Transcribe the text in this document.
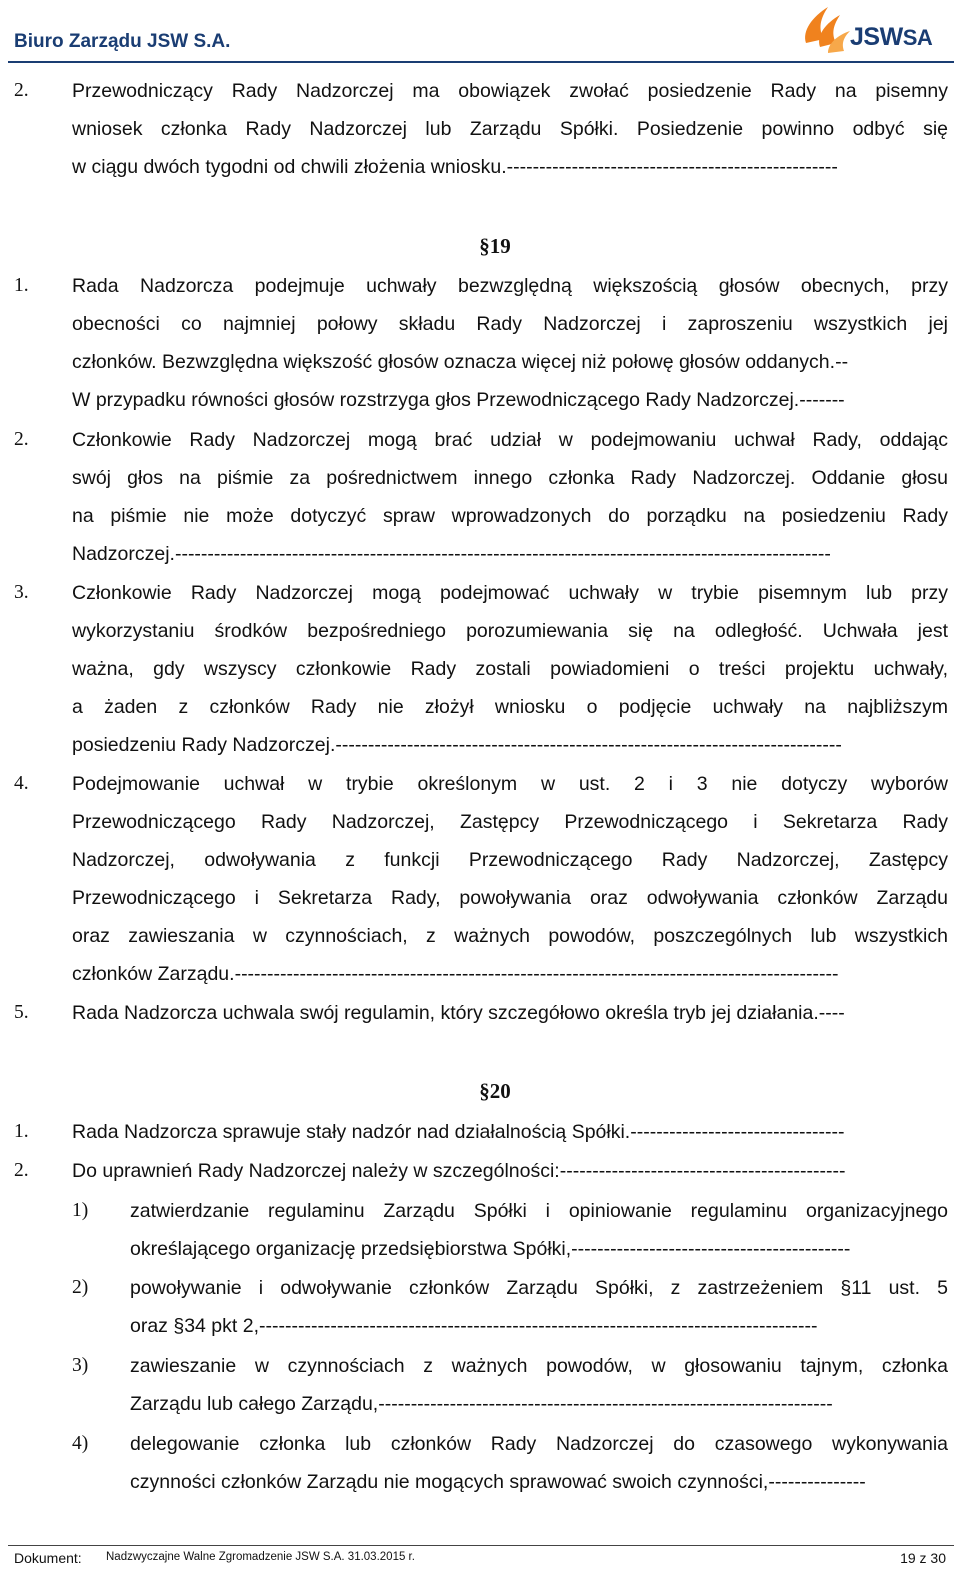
Biuro Zarządu JSW S.A.	JSWSA
2. Przewodniczący Rady Nadzorczej ma obowiązek zwołać posiedzenie Rady na pisemny
wniosek członka Rady Nadzorczej lub Zarządu Spółki. Posiedzenie powinno odbyć się
w ciągu dwóch tygodni od chwili złożenia wniosku.---------------------------------------------------
§19
1. Rada Nadzorcza podejmuje uchwały bezwzględną większością głosów obecnych, przy
obecności co najmniej połowy składu Rady Nadzorczej i zaproszeniu wszystkich jej
członków. Bezwzględna większość głosów oznacza więcej niż połowę głosów oddanych.--
W przypadku równości głosów rozstrzyga głos Przewodniczącego Rady Nadzorczej.-------
2. Członkowie Rady Nadzorczej mogą brać udział w podejmowaniu uchwał Rady, oddając
swój głos na piśmie za pośrednictwem innego członka Rady Nadzorczej. Oddanie głosu
na piśmie nie może dotyczyć spraw wprowadzonych do porządku na posiedzeniu Rady
Nadzorczej.-----------------------------------------------------------------------------------------------------
3. Członkowie Rady Nadzorczej mogą podejmować uchwały w trybie pisemnym lub przy
wykorzystaniu środków bezpośredniego porozumiewania się na odległość. Uchwała jest
ważna, gdy wszyscy członkowie Rady zostali powiadomieni o treści projektu uchwały,
a żaden z członków Rady nie złożył wniosku o podjęcie uchwały na najbliższym
posiedzeniu Rady Nadzorczej.------------------------------------------------------------------------------
4. Podejmowanie uchwał w trybie określonym w ust. 2 i 3 nie dotyczy wyborów
Przewodniczącego Rady Nadzorczej, Zastępcy Przewodniczącego i Sekretarza Rady
Nadzorczej, odwoływania z funkcji Przewodniczącego Rady Nadzorczej, Zastępcy
Przewodniczącego i Sekretarza Rady, powoływania oraz odwoływania członków Zarządu
oraz zawieszania w czynnościach, z ważnych powodów, poszczególnych lub wszystkich
członków Zarządu.---------------------------------------------------------------------------------------------
5. Rada Nadzorcza uchwala swój regulamin, który szczegółowo określa tryb jej działania.----
§20
1. Rada Nadzorcza sprawuje stały nadzór nad działalnością Spółki.---------------------------------
2. Do uprawnień Rady Nadzorczej należy w szczególności:--------------------------------------------
1) zatwierdzanie regulaminu Zarządu Spółki i opiniowanie regulaminu organizacyjnego
określającego organizację przedsiębiorstwa Spółki,-------------------------------------------
2) powoływanie i odwoływanie członków Zarządu Spółki, z zastrzeżeniem §11 ust. 5
oraz §34 pkt 2,--------------------------------------------------------------------------------------
3) zawieszanie w czynnościach z ważnych powodów, w głosowaniu tajnym, członka
Zarządu lub całego Zarządu,----------------------------------------------------------------------
4) delegowanie członka lub członków Rady Nadzorczej do czasowego wykonywania
czynności członków Zarządu nie mogących sprawować swoich czynności,---------------
Dokument: Nadzwyczajne Walne Zgromadzenie JSW S.A. 31.03.2015 r.	19 z 30
